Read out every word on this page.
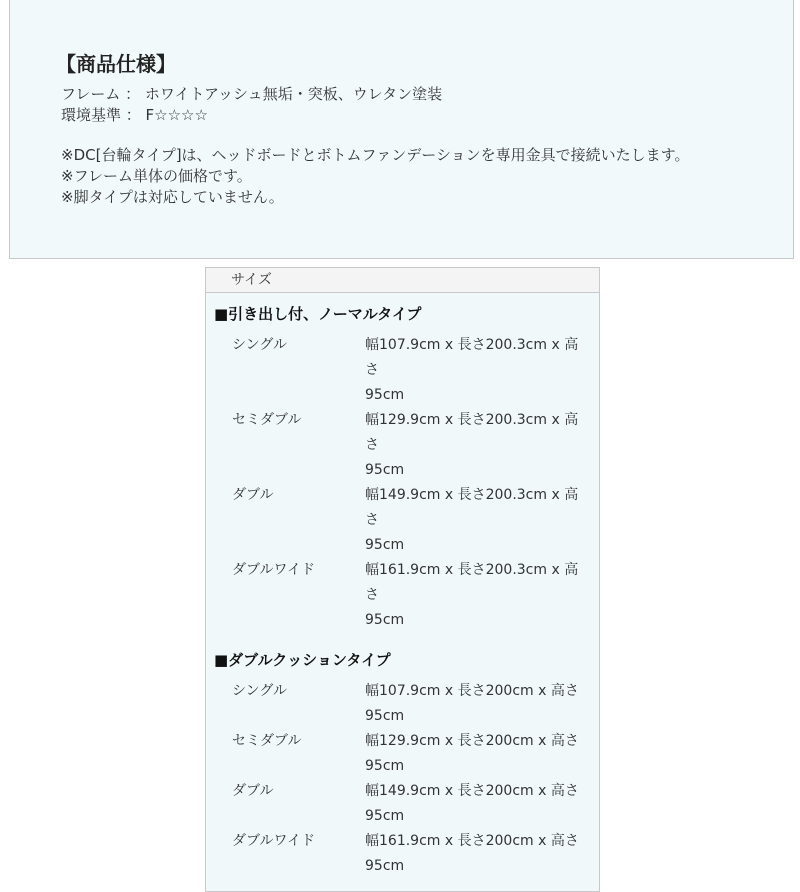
【商品仕様】
フレーム ： ホワイトアッシュ無垢・突板、ウレタン塗装
環境基準 ： F☆☆☆☆
※DC[台輪タイプ]は、ヘッドボードとボトムファンデーションを専用金具で接続いたします。
※フレーム単体の価格です。
※脚タイプは対応していません。
サイズ
■引き出し付、ノーマルタイプ
シングル	幅107.9cm x 長さ200.3cm x 高さ
95cm
セミダブル	幅129.9cm x 長さ200.3cm x 高さ
95cm
ダブル	幅149.9cm x 長さ200.3cm x 高さ
95cm
ダブルワイド	幅161.9cm x 長さ200.3cm x 高さ
95cm
■ダブルクッションタイプ
シングル	幅107.9cm x 長さ200cm x 高さ
95cm
セミダブル	幅129.9cm x 長さ200cm x 高さ
95cm
ダブル	幅149.9cm x 長さ200cm x 高さ
95cm
ダブルワイド	幅161.9cm x 長さ200cm x 高さ
95cm
